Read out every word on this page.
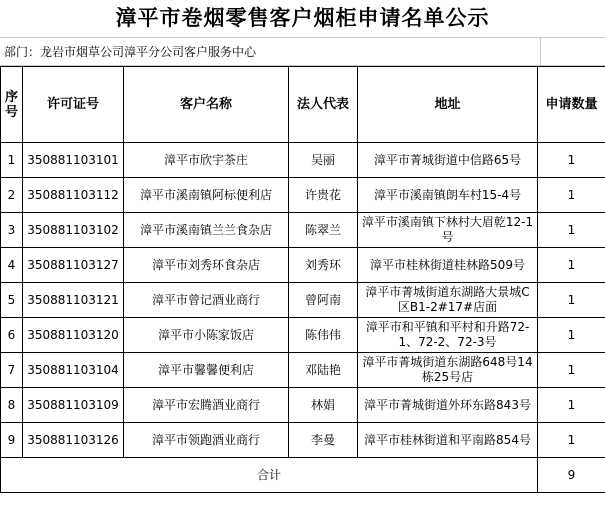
漳平市卷烟零售客户烟柜申请名单公示
部门：龙岩市烟草公司漳平分公司客户服务中心
序号	许可证号	客户名称	法人代表	地址	申请数量
1	350881103101	漳平市欣宇茶庄	吴丽	漳平市菁城街道中信路65号	1
2	350881103112	漳平市溪南镇阿标便利店	许贵花	漳平市溪南镇朗车村15-4号	1
3	350881103102	漳平市溪南镇兰兰食杂店	陈翠兰	漳平市溪南镇下林村大眉乾12-1号	1
4	350881103127	漳平市刘秀环食杂店	刘秀环	漳平市桂林街道桂林路509号	1
5	350881103121	漳平市曾记酒业商行	曾阿南	漳平市菁城街道东湖路大景城C区B1-2#17#店面	1
6	350881103120	漳平市小陈家饭店	陈伟伟	漳平市和平镇和平村和升路72-1、72-2、72-3号	1
7	350881103104	漳平市馨馨便利店	邓陆艳	漳平市菁城街道东湖路648号14栋25号店	1
8	350881103109	漳平市宏腾酒业商行	林娟	漳平市菁城街道外环东路843号	1
9	350881103126	漳平市领跑酒业商行	李曼	漳平市桂林街道和平南路854号	1
合计					9
